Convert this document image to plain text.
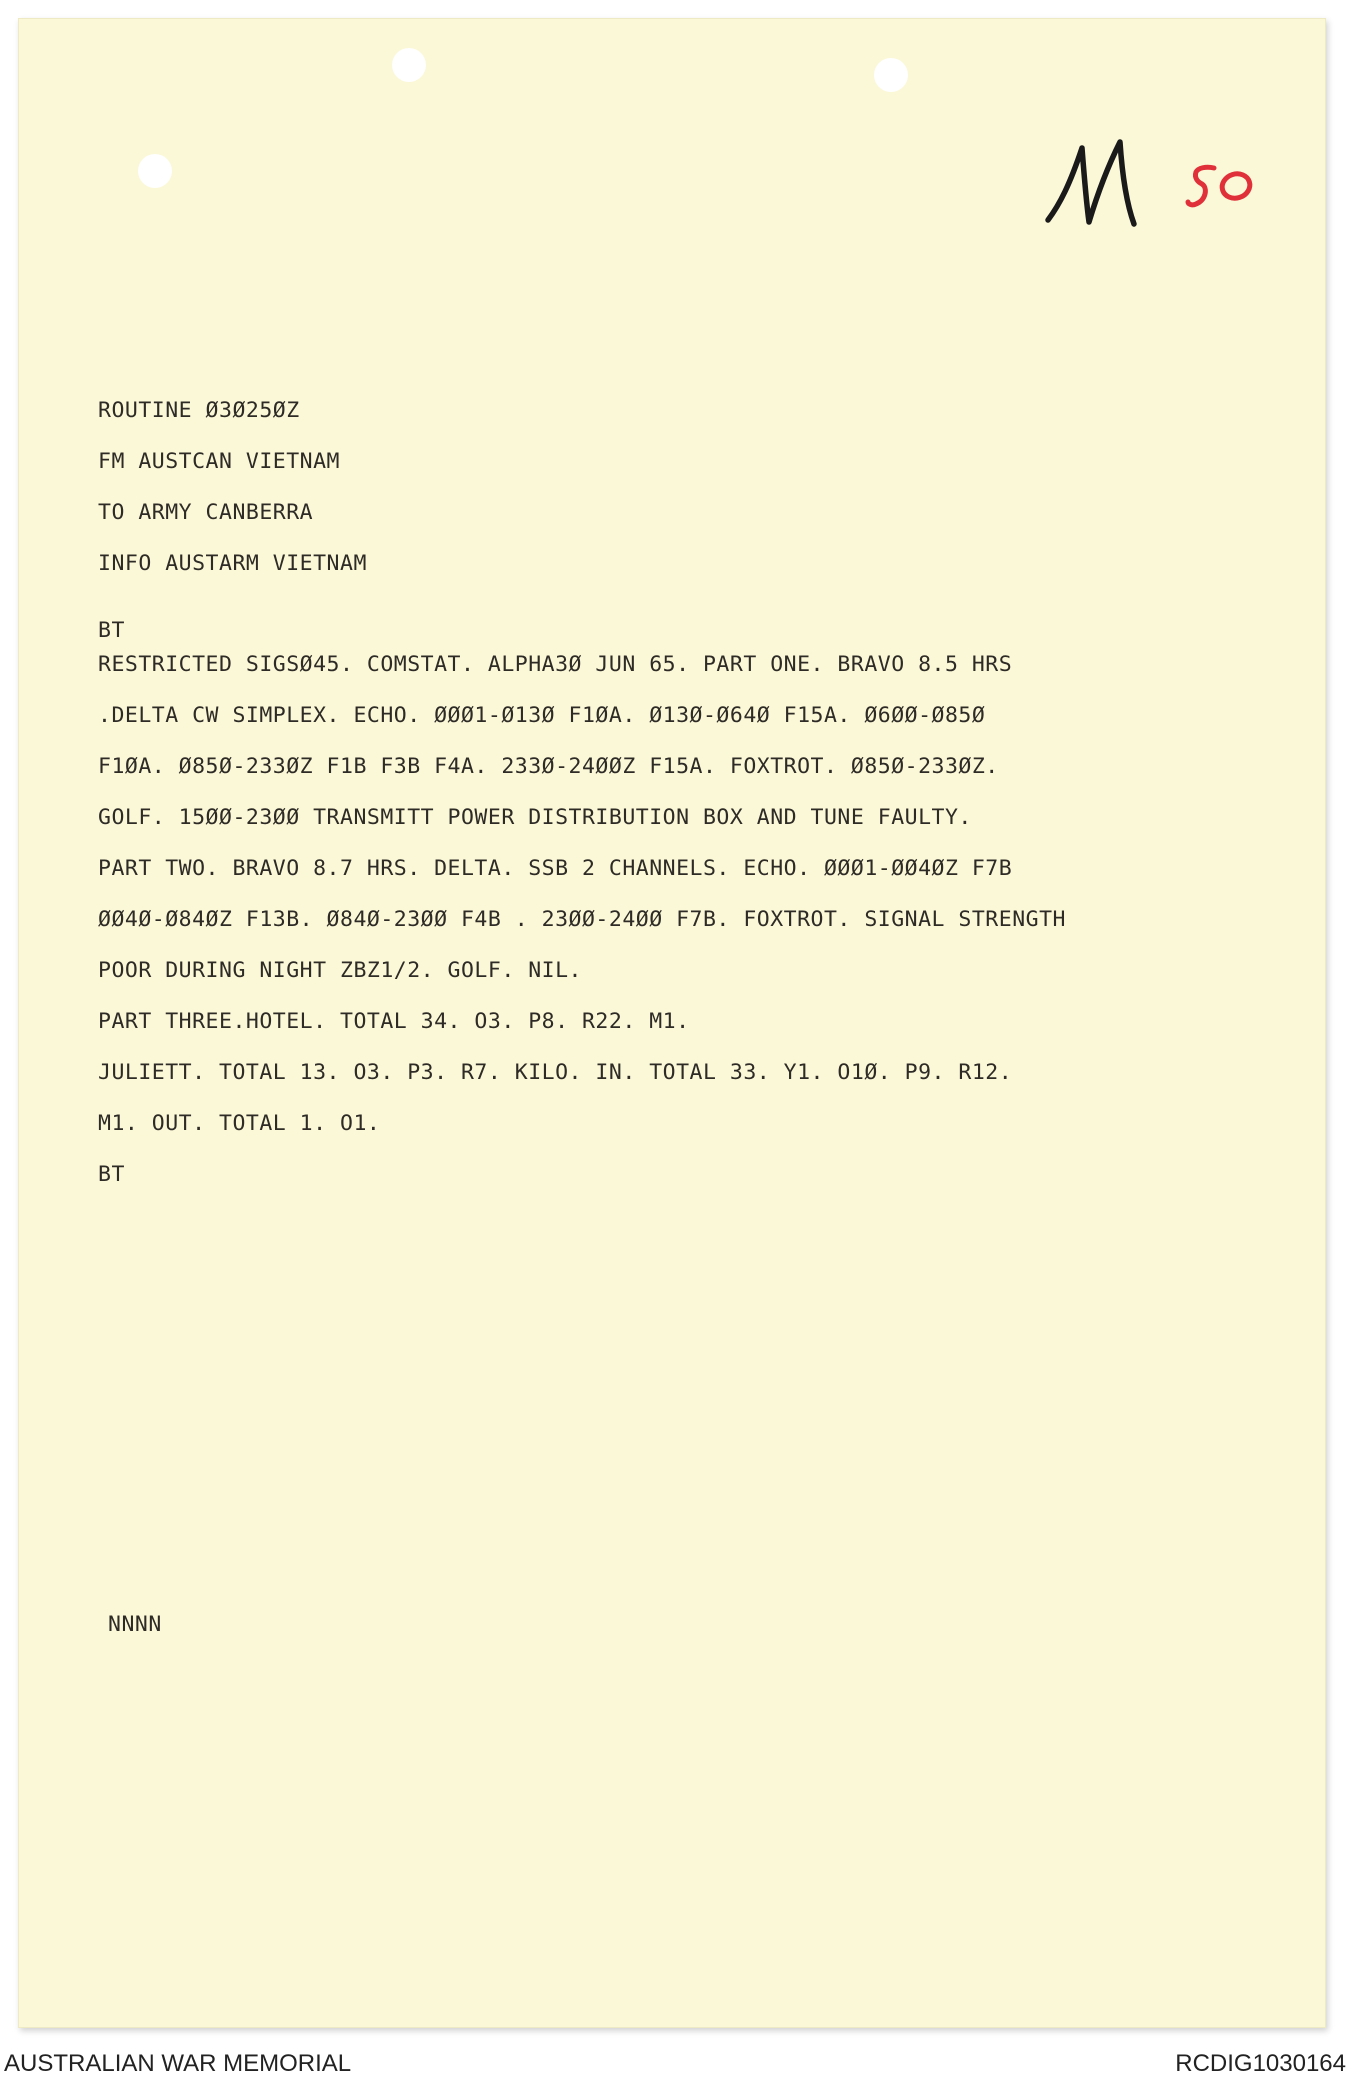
ROUTINE Ø3Ø25ØZ
FM AUSTCAN VIETNAM
TO ARMY CANBERRA
INFO AUSTARM VIETNAM
BT
RESTRICTED SIGSØ45. COMSTAT. ALPHA3Ø JUN 65. PART ONE. BRAVO 8.5 HRS
.DELTA CW SIMPLEX. ECHO. ØØØ1-Ø13Ø F1ØA. Ø13Ø-Ø64Ø F15A. Ø6ØØ-Ø85Ø
F1ØA. Ø85Ø-233ØZ F1B F3B F4A. 233Ø-24ØØZ F15A. FOXTROT. Ø85Ø-233ØZ.
GOLF. 15ØØ-23ØØ TRANSMITT POWER DISTRIBUTION BOX AND TUNE FAULTY.
PART TWO. BRAVO 8.7 HRS. DELTA. SSB 2 CHANNELS. ECHO. ØØØ1-ØØ4ØZ F7B
ØØ4Ø-Ø84ØZ F13B. Ø84Ø-23ØØ F4B . 23ØØ-24ØØ F7B. FOXTROT. SIGNAL STRENGTH
POOR DURING NIGHT ZBZ1/2. GOLF. NIL.
PART THREE.HOTEL. TOTAL 34. O3. P8. R22. M1.
JULIETT. TOTAL 13. O3. P3. R7. KILO. IN. TOTAL 33. Y1. O1Ø. P9. R12.
M1. OUT. TOTAL 1. O1.
BT
NNNN
AUSTRALIAN WAR MEMORIAL	RCDIG1030164
